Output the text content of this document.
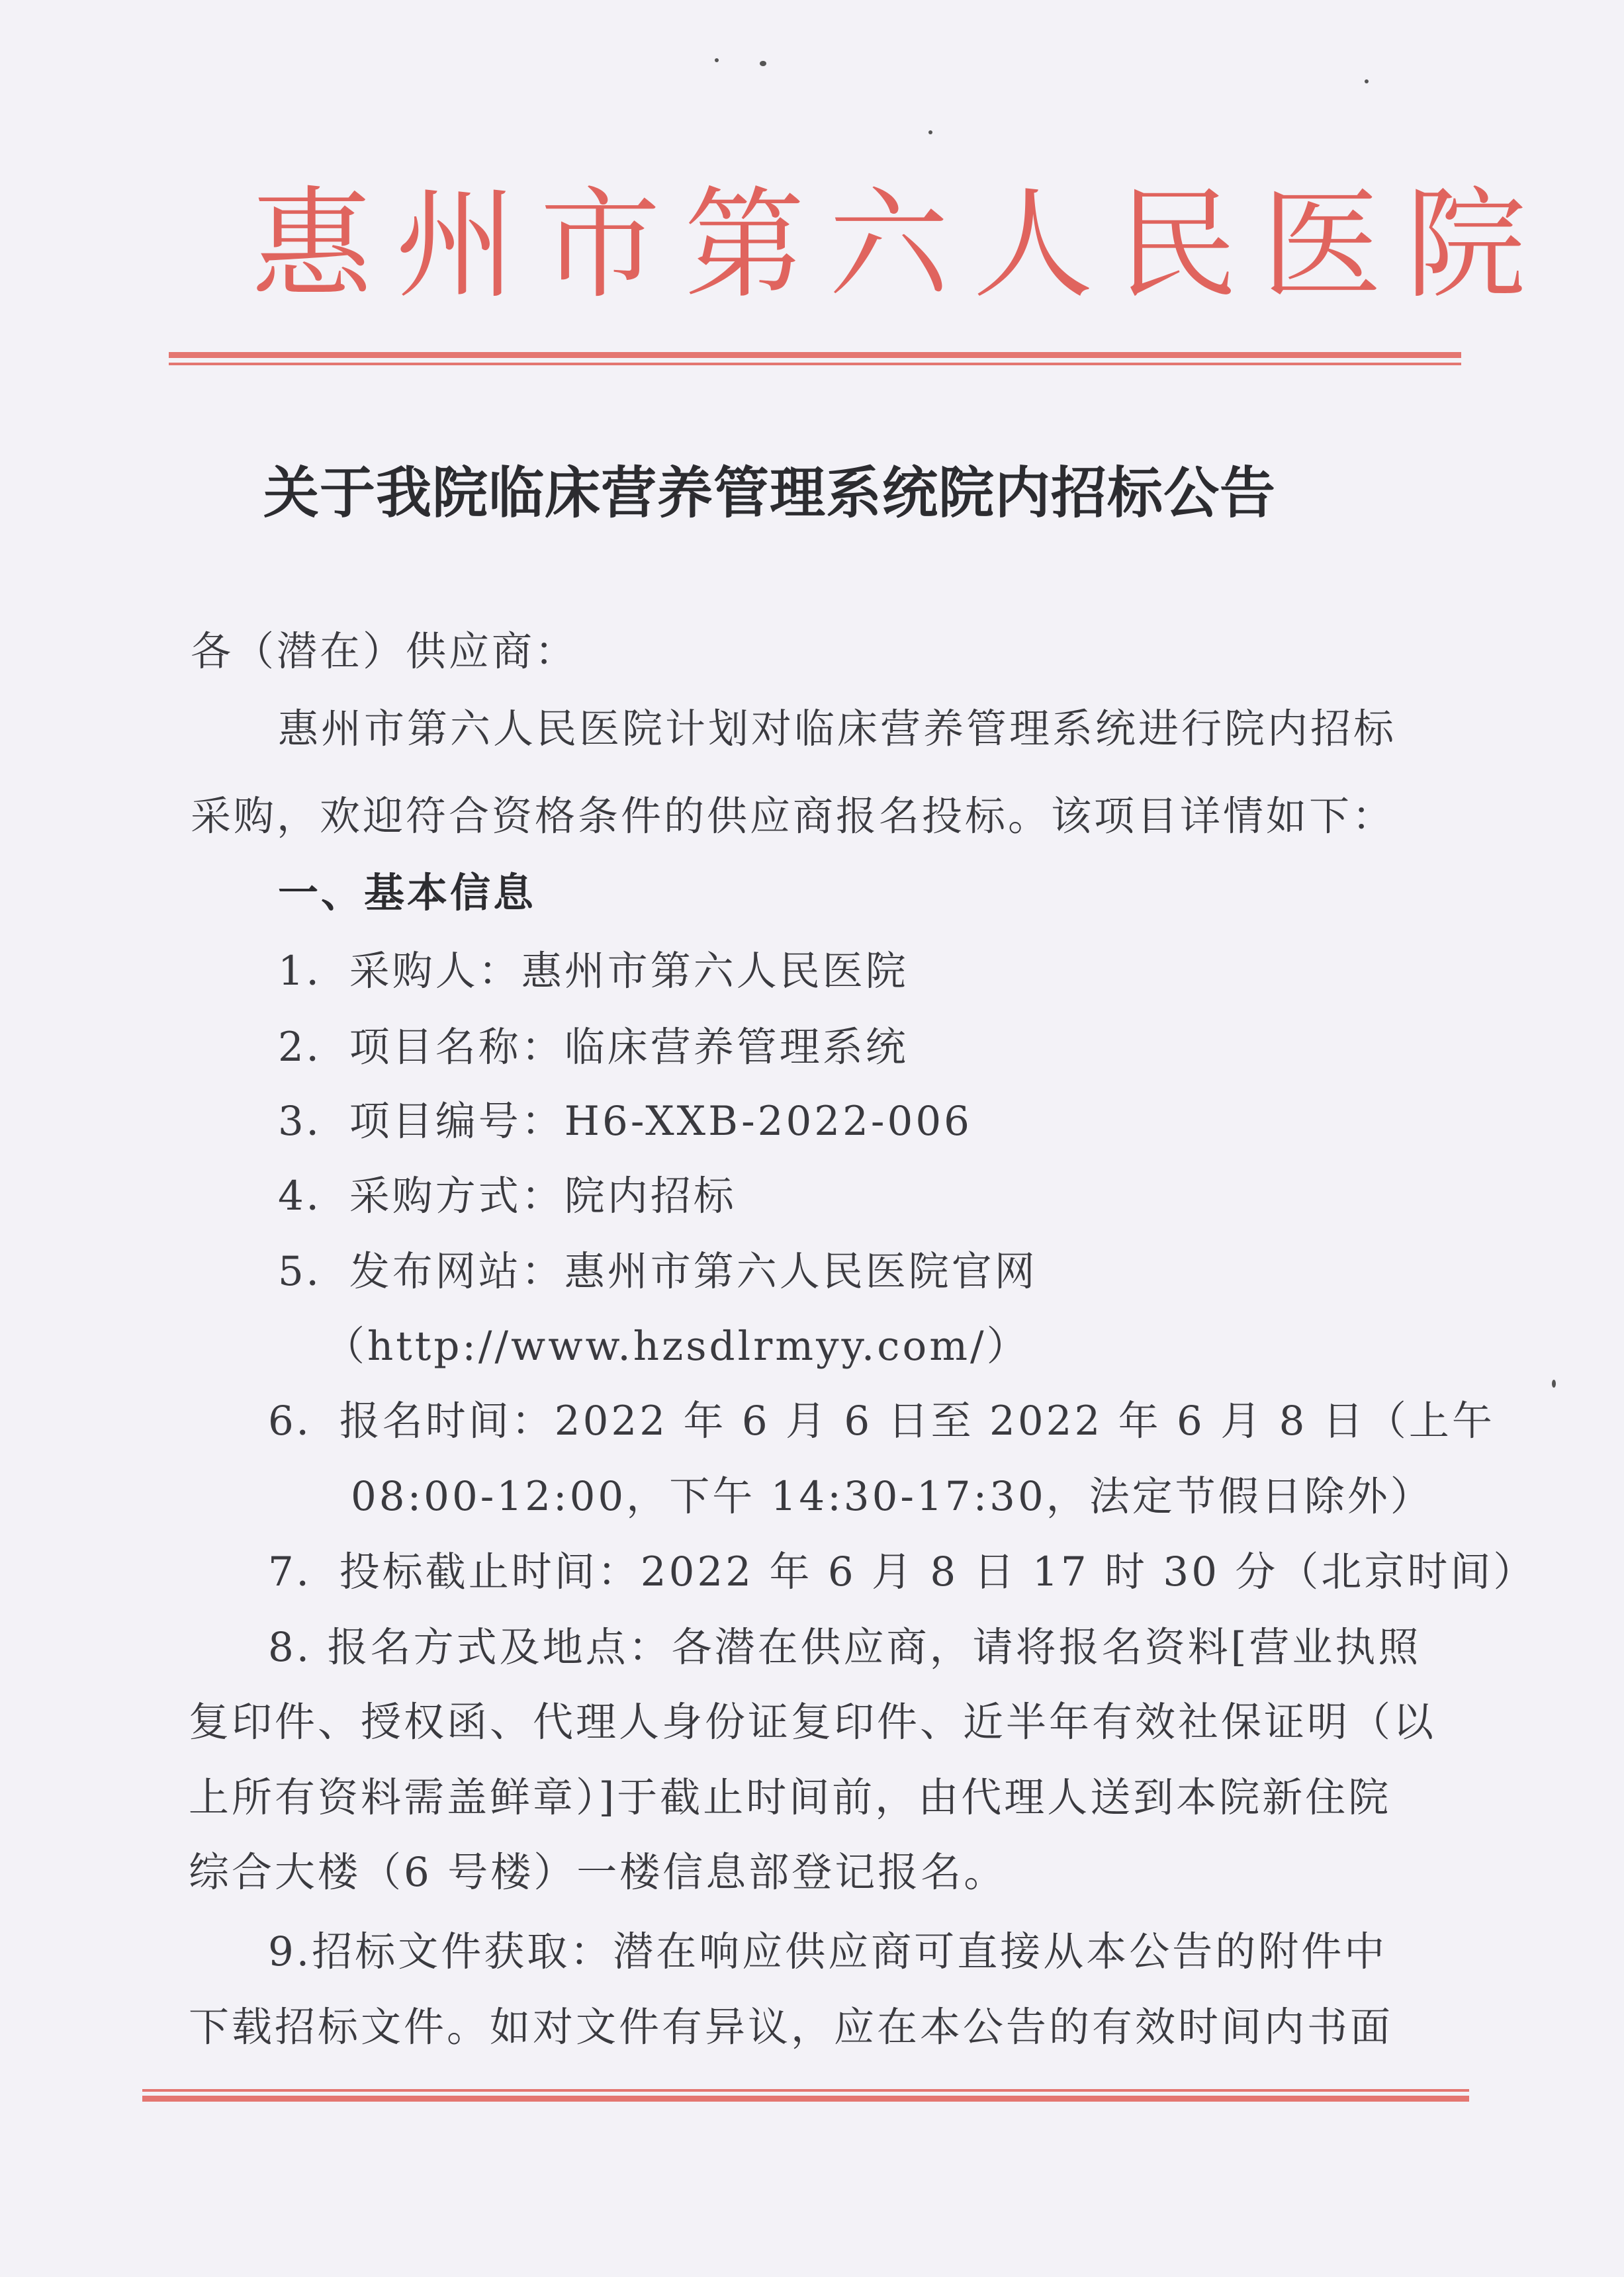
惠州市第六人民医院
关于我院临床营养管理系统院内招标公告
各（潜在）供应商：
惠州市第六人民医院计划对临床营养管理系统进行院内招标
采购，欢迎符合资格条件的供应商报名投标。该项目详情如下：
一、基本信息
1．采购人：惠州市第六人民医院
2．项目名称：临床营养管理系统
3．项目编号：H6-XXB-2022-006
4．采购方式：院内招标
5．发布网站：惠州市第六人民医院官网
（http://www.hzsdlrmyy.com/）
6．报名时间：2022 年 6 月 6 日至 2022 年 6 月 8 日（上午
08:00-12:00，下午 14:30-17:30，法定节假日除外）
7．投标截止时间：2022 年 6 月 8 日 17 时 30 分（北京时间）
8. 报名方式及地点：各潜在供应商，请将报名资料[营业执照
复印件、授权函、代理人身份证复印件、近半年有效社保证明（以
上所有资料需盖鲜章）]于截止时间前，由代理人送到本院新住院
综合大楼（6 号楼）一楼信息部登记报名。
9.招标文件获取：潜在响应供应商可直接从本公告的附件中
下载招标文件。如对文件有异议，应在本公告的有效时间内书面
